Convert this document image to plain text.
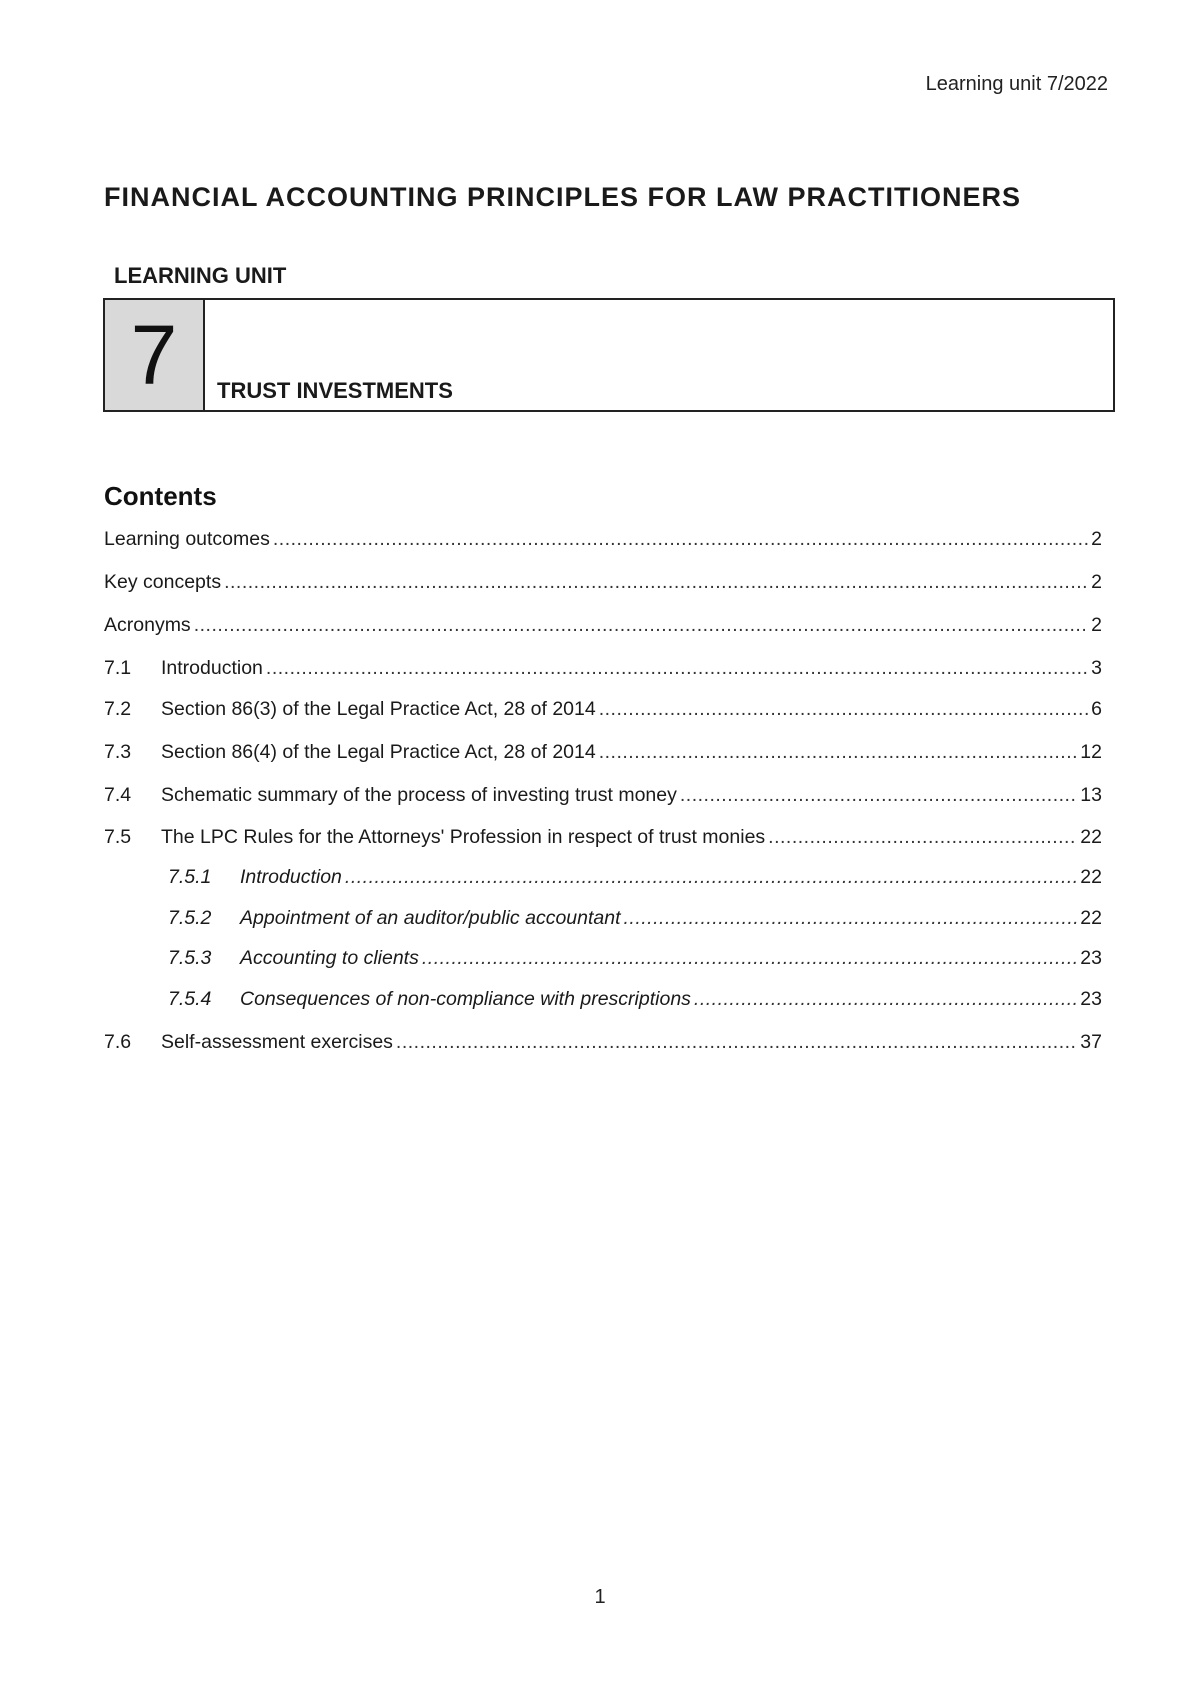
Learning unit 7/2022
FINANCIAL ACCOUNTING PRINCIPLES FOR LAW PRACTITIONERS
LEARNING UNIT
7	TRUST INVESTMENTS
Contents
Learning outcomes .....	2
Key concepts .....	2
Acronyms .....	2
7.1	Introduction .....	3
7.2	Section 86(3) of the Legal Practice Act, 28 of 2014 .....	6
7.3	Section 86(4) of the Legal Practice Act, 28 of 2014 .....	12
7.4	Schematic summary of the process of investing trust money .....	13
7.5	The LPC Rules for the Attorneys' Profession in respect of trust monies .....	22
7.5.1	Introduction .....	22
7.5.2	Appointment of an auditor/public accountant .....	22
7.5.3	Accounting to clients .....	23
7.5.4	Consequences of non-compliance with prescriptions .....	23
7.6	Self-assessment exercises .....	37
1
